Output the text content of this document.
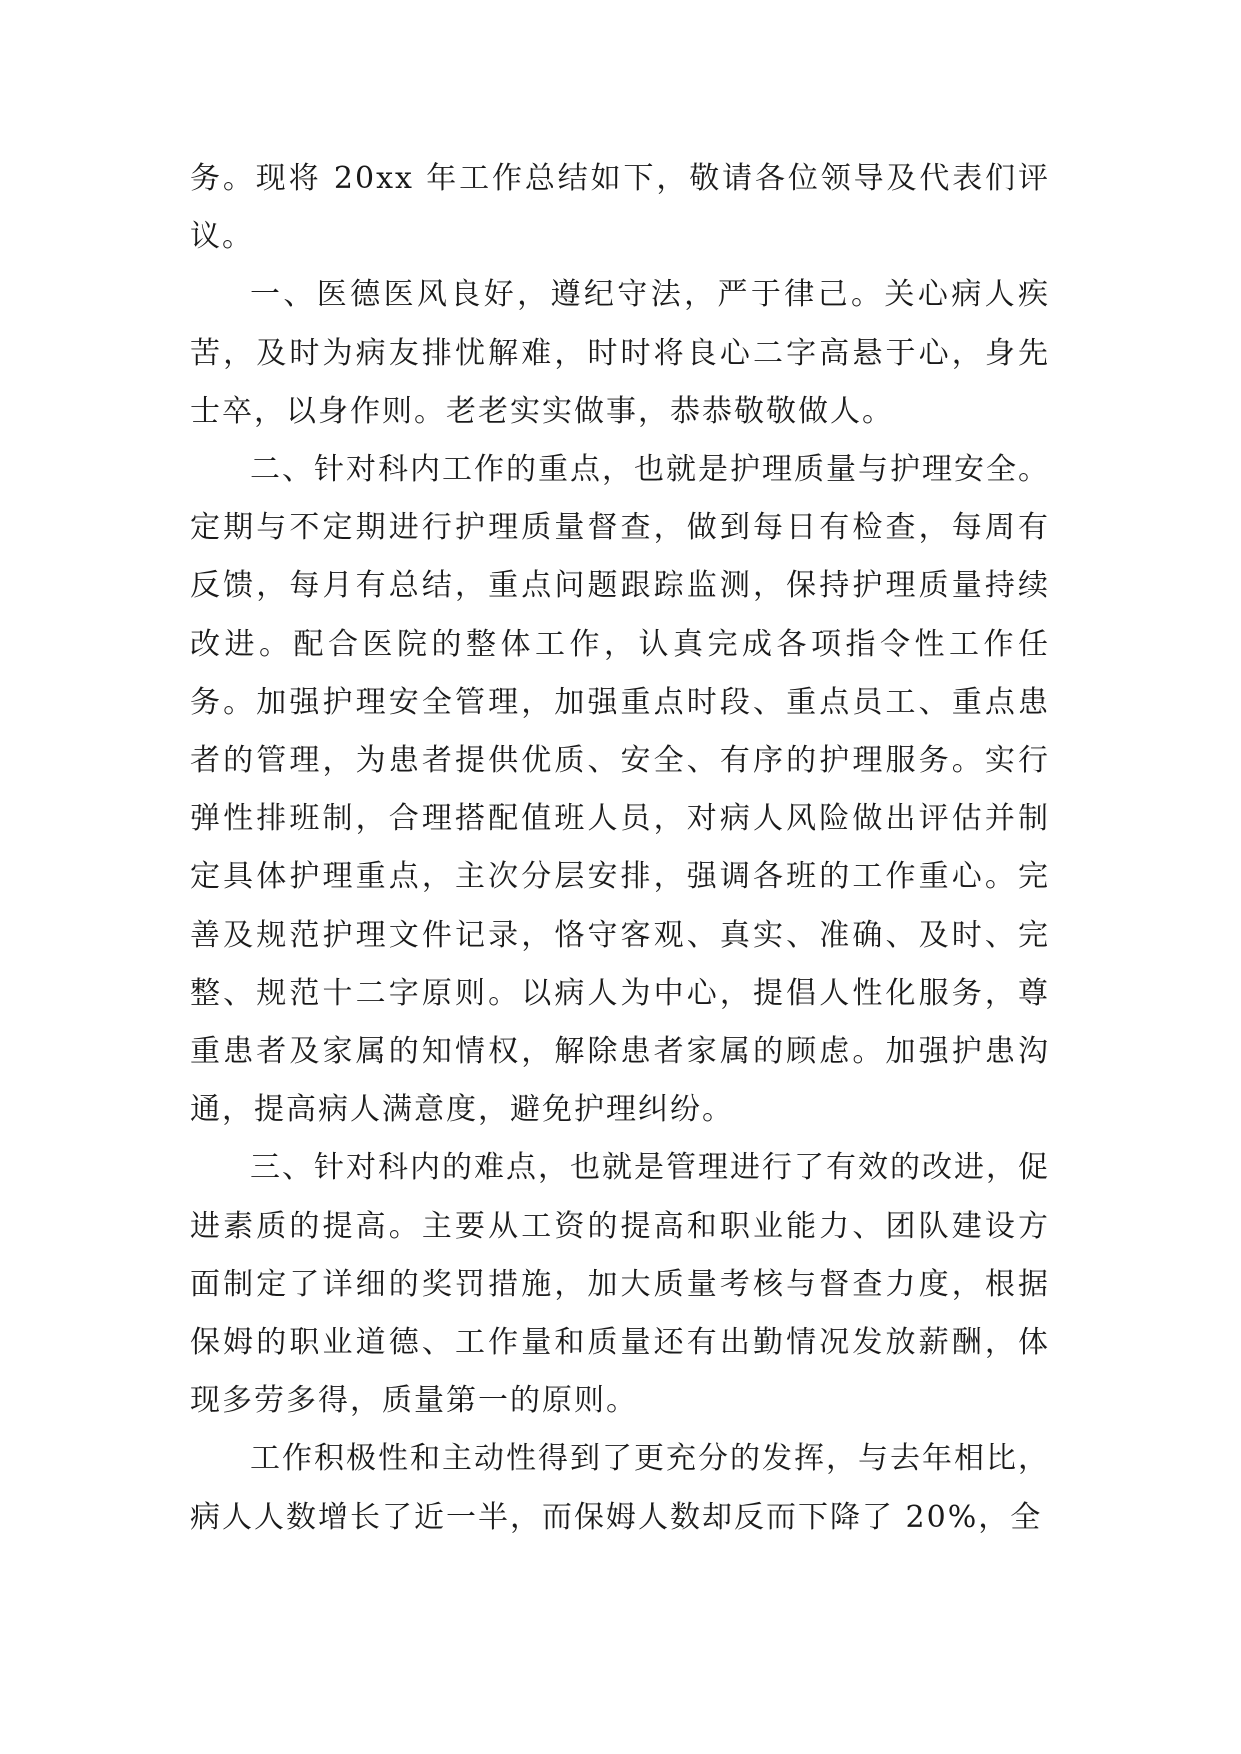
务。现将 20xx 年工作总结如下，敬请各位领导及代表们评议。

一、医德医风良好，遵纪守法，严于律己。关心病人疾苦，及时为病友排忧解难，时时将良心二字高悬于心，身先士卒，以身作则。老老实实做事，恭恭敬敬做人。

二、针对科内工作的重点，也就是护理质量与护理安全。定期与不定期进行护理质量督查，做到每日有检查，每周有反馈，每月有总结，重点问题跟踪监测，保持护理质量持续改进。配合医院的整体工作，认真完成各项指令性工作任务。加强护理安全管理，加强重点时段、重点员工、重点患者的管理，为患者提供优质、安全、有序的护理服务。实行弹性排班制，合理搭配值班人员，对病人风险做出评估并制定具体护理重点，主次分层安排，强调各班的工作重心。完善及规范护理文件记录，恪守客观、真实、准确、及时、完整、规范十二字原则。以病人为中心，提倡人性化服务，尊重患者及家属的知情权，解除患者家属的顾虑。加强护患沟通，提高病人满意度，避免护理纠纷。

三、针对科内的难点，也就是管理进行了有效的改进，促进素质的提高。主要从工资的提高和职业能力、团队建设方面制定了详细的奖罚措施，加大质量考核与督查力度，根据保姆的职业道德、工作量和质量还有出勤情况发放薪酬，体现多劳多得，质量第一的原则。

工作积极性和主动性得到了更充分的发挥，与去年相比，病人人数增长了近一半，而保姆人数却反而下降了 20%，全
